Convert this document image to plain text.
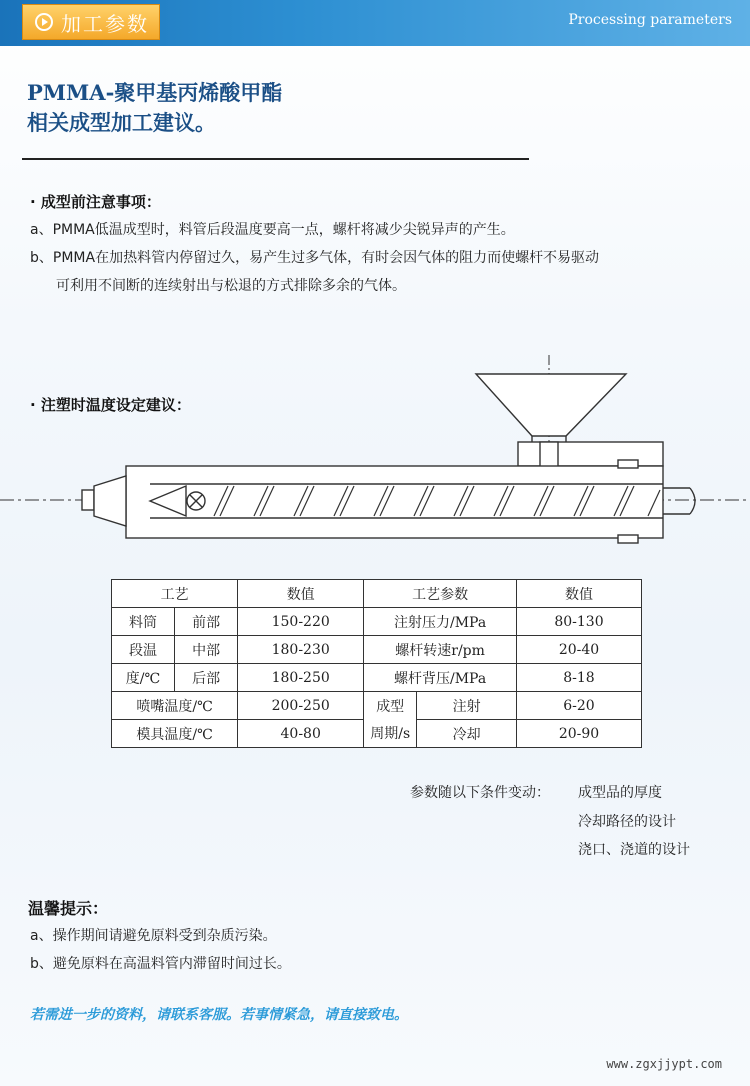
加工参数	Processing parameters
PMMA-聚甲基丙烯酸甲酯
相关成型加工建议。
· 成型前注意事项：
a、PMMA低温成型时，料管后段温度要高一点，螺杆将减少尖锐异声的产生。
b、PMMA在加热料管内停留过久，易产生过多气体，有时会因气体的阻力而使螺杆不易驱动
可利用不间断的连续射出与松退的方式排除多余的气体。
· 注塑时温度设定建议：
工艺		数值	工艺参数		数值
料筒	前部	150-220	注射压力/MPa		80-130
段温	中部	180-230	螺杆转速r/pm		20-40
度/℃	后部	180-250	螺杆背压/MPa		8-18
喷嘴温度/℃		200-250	成型	注射	6-20
模具温度/℃		40-80	周期/s	冷却	20-90
参数随以下条件变动： 成型品的厚度
冷却路径的设计
浇口、浇道的设计
温馨提示：
a、操作期间请避免原料受到杂质污染。
b、避免原料在高温料管内滞留时间过长。
若需进一步的资料，请联系客服。若事情紧急，请直接致电。
www.zgxjjypt.com
